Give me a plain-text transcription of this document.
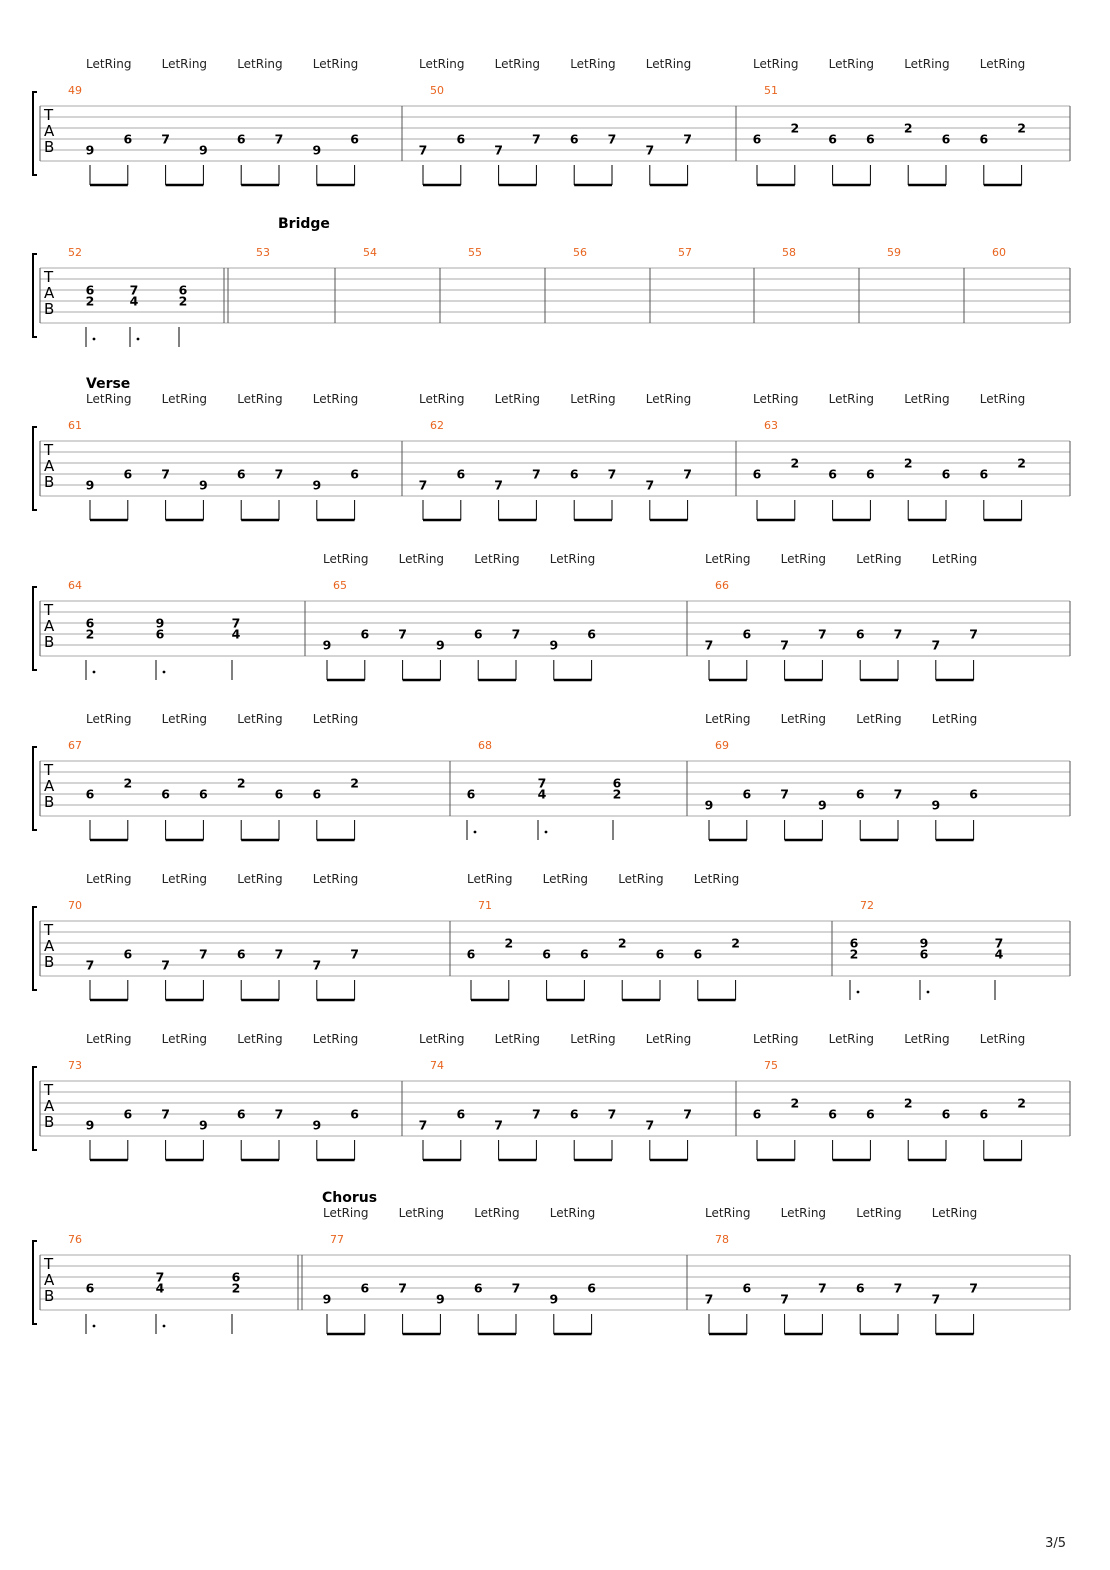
T
A
B
49
9
LetRing
6 7
LetRing
9
6
LetRing
7
9
LetRing
6
50
7
LetRing
6
7
LetRing
7 6
LetRing
7
7
LetRing
7
51
6
LetRing
2
6
LetRing
6
2
LetRing
6 6
LetRing
2
T
A
B
Bridge
52
6
2
7
4
6
2
53	54	55	56	57	58	59	60
T
A
B
Verse
61
9
LetRing
6 7
LetRing
9
6
LetRing
7
9
LetRing
6
62
7
LetRing
6
7
LetRing
7 6
LetRing
7
7
LetRing
7
63
6
LetRing
2
6
LetRing
6
2
LetRing
6 6
LetRing
2
T
A
B
64
6
2
9
6
7
4
65
9
LetRing
6 7
LetRing
9
6
LetRing
7
9
LetRing
6
66
7
LetRing
6
7
LetRing
7 6
LetRing
7
7
LetRing
7
T
A
B
67
6
LetRing
2
6
LetRing
6
2
LetRing
6 6
LetRing
2
68
6
7
4
6
2
69
9
LetRing
6 7
LetRing
9
6
LetRing
7
9
LetRing
6
T
A
B
70
7
LetRing
6
7
LetRing
7 6
LetRing
7
7
LetRing
7
71
6
LetRing
2
6
LetRing
6
2
LetRing
6 6
LetRing
2
72
6
2
9
6
7
4
T
A
B
73
9
LetRing
6 7
LetRing
9
6
LetRing
7
9
LetRing
6
74
7
LetRing
6
7
LetRing
7 6
LetRing
7
7
LetRing
7
75
6
LetRing
2
6
LetRing
6
2
LetRing
6 6
LetRing
2
T
A
B
Chorus
76
6
7
4
6
2
77
9
LetRing
6 7
LetRing
9
6
LetRing
7
9
LetRing
6
78
7
LetRing
6
7
LetRing
7 6
LetRing
7
7
LetRing
7
3/5
